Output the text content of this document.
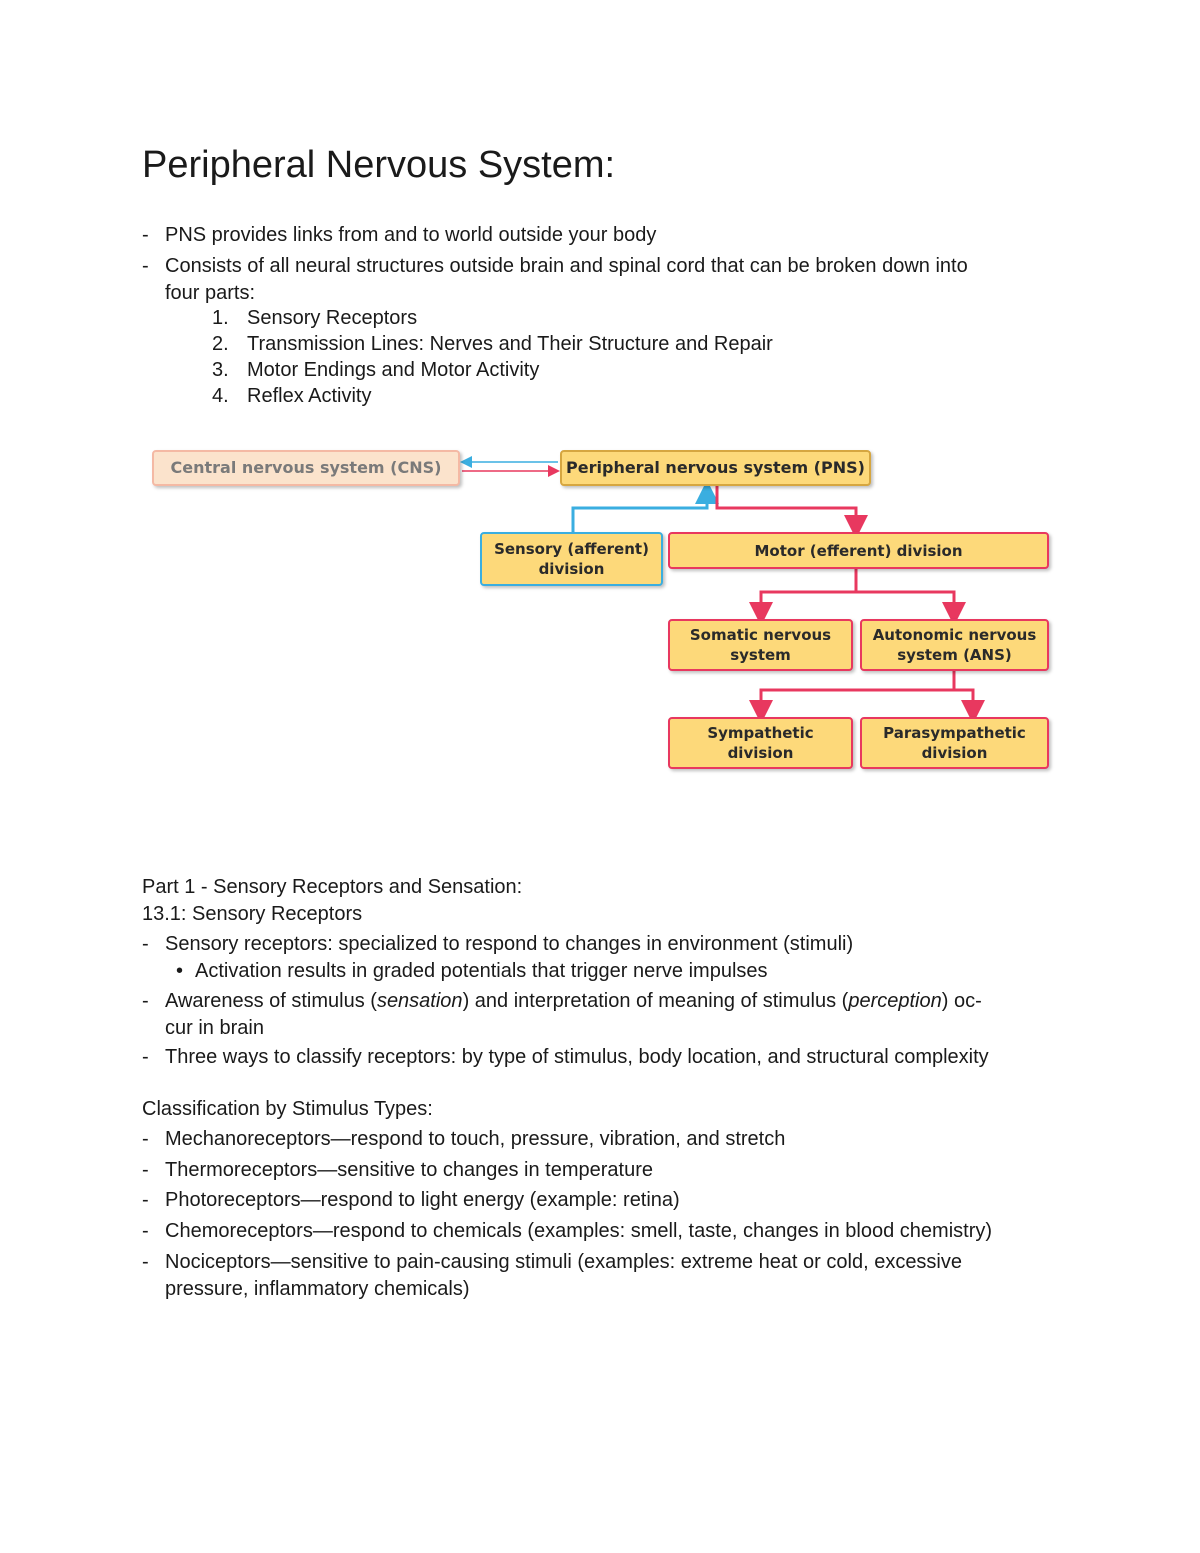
Peripheral Nervous System:
- PNS provides links from and to world outside your body
- Consists of all neural structures outside brain and spinal cord that can be broken down into
four parts:
1. Sensory Receptors
2. Transmission Lines: Nerves and Their Structure and Repair
3. Motor Endings and Motor Activity
4. Reflex Activity
Central nervous system (CNS)	Peripheral nervous system (PNS)
Sensory (afferent)
division
Motor (efferent) division
Somatic nervous
system
Autonomic nervous
system (ANS)
Sympathetic
division
Parasympathetic
division
Part 1 - Sensory Receptors and Sensation:
13.1: Sensory Receptors
- Sensory receptors: specialized to respond to changes in environment (stimuli)
• Activation results in graded potentials that trigger nerve impulses
- Awareness of stimulus (sensation) and interpretation of meaning of stimulus (perception) oc-
cur in brain
- Three ways to classify receptors: by type of stimulus, body location, and structural complexity
Classification by Stimulus Types:
- Mechanoreceptors—respond to touch, pressure, vibration, and stretch
- Thermoreceptors—sensitive to changes in temperature
- Photoreceptors—respond to light energy (example: retina)
- Chemoreceptors—respond to chemicals (examples: smell, taste, changes in blood chemistry)
- Nociceptors—sensitive to pain-causing stimuli (examples: extreme heat or cold, excessive
pressure, inflammatory chemicals)
